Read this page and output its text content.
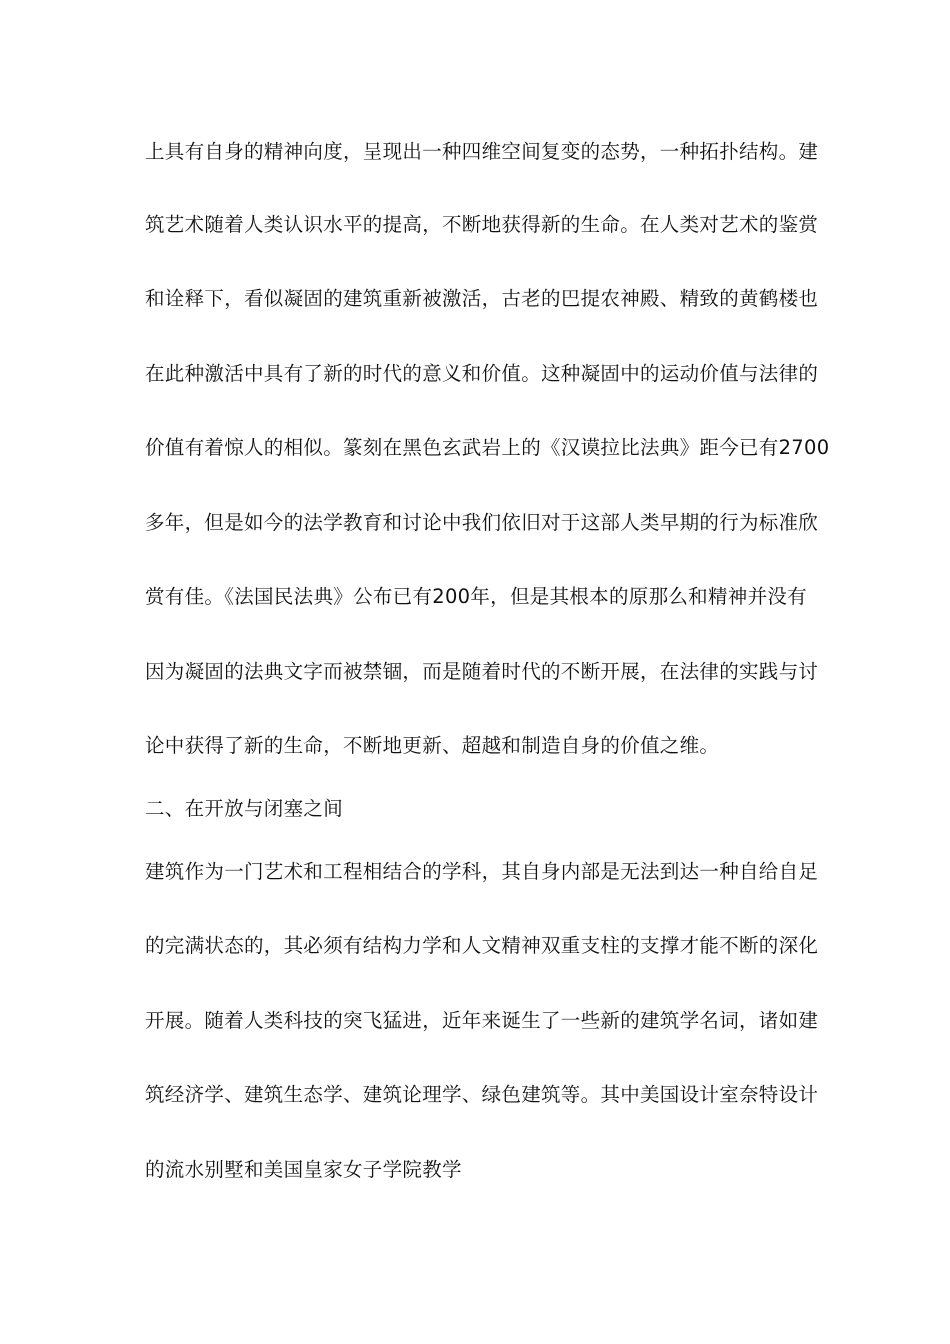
上具有自身的精神向度，呈现出一种四维空间复变的态势，一种拓扑结构。建
筑艺术随着人类认识水平的提高，不断地获得新的生命。在人类对艺术的鉴赏
和诠释下，看似凝固的建筑重新被激活，古老的巴提农神殿、精致的黄鹤楼也
在此种激活中具有了新的时代的意义和价值。这种凝固中的运动价值与法律的
价值有着惊人的相似。篆刻在黑色玄武岩上的《汉谟拉比法典》距今已有2700
多年，但是如今的法学教育和讨论中我们依旧对于这部人类早期的行为标准欣
赏有佳。《法国民法典》公布已有200年，但是其根本的原那么和精神并没有
因为凝固的法典文字而被禁锢，而是随着时代的不断开展，在法律的实践与讨
论中获得了新的生命，不断地更新、超越和制造自身的价值之维。
二、在开放与闭塞之间
建筑作为一门艺术和工程相结合的学科，其自身内部是无法到达一种自给自足
的完满状态的，其必须有结构力学和人文精神双重支柱的支撑才能不断的深化
开展。随着人类科技的突飞猛进，近年来诞生了一些新的建筑学名词，诸如建
筑经济学、建筑生态学、建筑论理学、绿色建筑等。其中美国设计室奈特设计
的流水别墅和美国皇家女子学院教学
